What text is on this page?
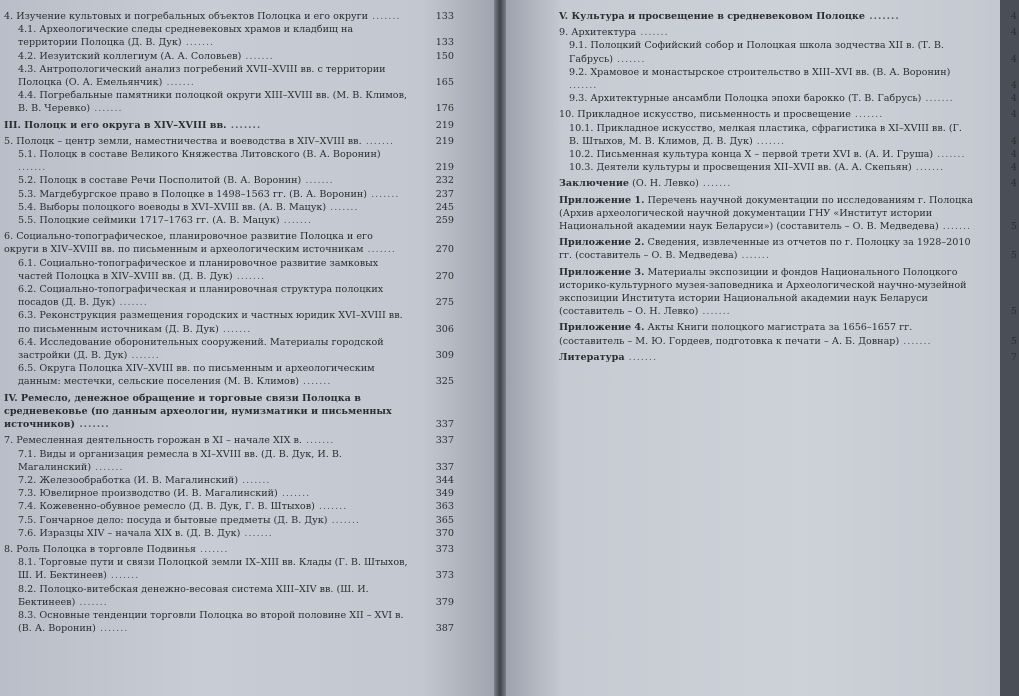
4. Изучение культовых и погребальных объектов Полоцка и его округи .......	133
4.1. Археологические следы средневековых храмов и кладбищ на территории Полоцка (Д. В. Дук) .......	133
4.2. Иезуитский коллегиум (А. А. Соловьев) .......	150
4.3. Антропологический анализ погребений XVII–XVIII вв. с территории Полоцка (О. А. Емельянчик) .......	165
4.4. Погребальные памятники полоцкой округи XIII–XVIII вв. (М. В. Климов, В. В. Черевко) .......	176
III. Полоцк и его округа в XIV–XVIII вв. .......	219
5. Полоцк – центр земли, наместничества и воеводства в XIV–XVIII вв. .......	219
5.1. Полоцк в составе Великого Княжества Литовского (В. А. Воронин) .......	219
5.2. Полоцк в составе Речи Посполитой (В. А. Воронин) .......	232
5.3. Магдебургское право в Полоцке в 1498–1563 гг. (В. А. Воронин) .......	237
5.4. Выборы полоцкого воеводы в XVI–XVIII вв. (А. В. Мацук) .......	245
5.5. Полоцкие сеймики 1717–1763 гг. (А. В. Мацук) .......	259
6. Социально-топографическое, планировочное развитие Полоцка и его округи в XIV–XVIII вв. по письменным и археологическим источникам .......	270
6.1. Социально-топографическое и планировочное развитие замковых частей Полоцка в XIV–XVIII вв. (Д. В. Дук) .......	270
6.2. Социально-топографическая и планировочная структура полоцких посадов (Д. В. Дук) .......	275
6.3. Реконструкция размещения городских и частных юридик XVI–XVIII вв. по письменным источникам (Д. В. Дук) .......	306
6.4. Исследование оборонительных сооружений. Материалы городской застройки (Д. В. Дук) .......	309
6.5. Округа Полоцка XIV–XVIII вв. по письменным и археологическим данным: местечки, сельские поселения (М. В. Климов) .......	325
IV. Ремесло, денежное обращение и торговые связи Полоцка в средневековье (по данным археологии, нумизматики и письменных источников) .......	337
7. Ремесленная деятельность горожан в XI – начале XIX в. .......	337
7.1. Виды и организация ремесла в XI–XVIII вв. (Д. В. Дук, И. В. Магалинский) .......	337
7.2. Железообработка (И. В. Магалинский) .......	344
7.3. Ювелирное производство (И. В. Магалинский) .......	349
7.4. Кожевенно-обувное ремесло (Д. В. Дук, Г. В. Штыхов) .......	363
7.5. Гончарное дело: посуда и бытовые предметы (Д. В. Дук) .......	365
7.6. Изразцы XIV – начала XIX в. (Д. В. Дук) .......	370
8. Роль Полоцка в торговле Подвинья .......	373
8.1. Торговые пути и связи Полоцкой земли IX–XIII вв. Клады (Г. В. Штыхов, Ш. И. Бектинеев) .......	373
8.2. Полоцко-витебская денежно-весовая система XIII–XIV вв. (Ш. И. Бектинеев) .......	379
8.3. Основные тенденции торговли Полоцка во второй половине XII – XVI в. (В. А. Воронин) .......	387
V. Культура и просвещение в средневековом Полоцке .......	4
9. Архитектура .......	4
9.1. Полоцкий Софийский собор и Полоцкая школа зодчества XII в. (Т. В. Габрусь) .......	4
9.2. Храмовое и монастырское строительство в XIII–XVI вв. (В. А. Воронин) .......	4
9.3. Архитектурные ансамбли Полоцка эпохи барокко (Т. В. Габрусь) .......	4
10. Прикладное искусство, письменность и просвещение .......	4
10.1. Прикладное искусство, мелкая пластика, сфрагистика в XI–XVIII вв. (Г. В. Штыхов, М. В. Климов, Д. В. Дук) .......	4
10.2. Письменная культура конца X – первой трети XVI в. (А. И. Груша) .......	4
10.3. Деятели культуры и просвещения XII–XVII вв. (А. А. Скепьян) .......	4
Заключение (О. Н. Левко) .......	4
Приложение 1. Перечень научной документации по исследованиям г. Полоцка (Архив археологической научной документации ГНУ «Институт истории Национальной академии наук Беларуси») (составитель – О. В. Медведева) .......	5
Приложение 2. Сведения, извлеченные из отчетов по г. Полоцку за 1928–2010 гг. (составитель – О. В. Медведева) .......	5
Приложение 3. Материалы экспозиции и фондов Национального Полоцкого историко-культурного музея-заповедника и Археологической научно-музейной экспозиции Института истории Национальной академии наук Беларуси (составитель – О. Н. Левко) .......	5
Приложение 4. Акты Книги полоцкого магистрата за 1656–1657 гг. (составитель – М. Ю. Гордеев, подготовка к печати – А. Б. Довнар) .......	5
Литература .......	7
